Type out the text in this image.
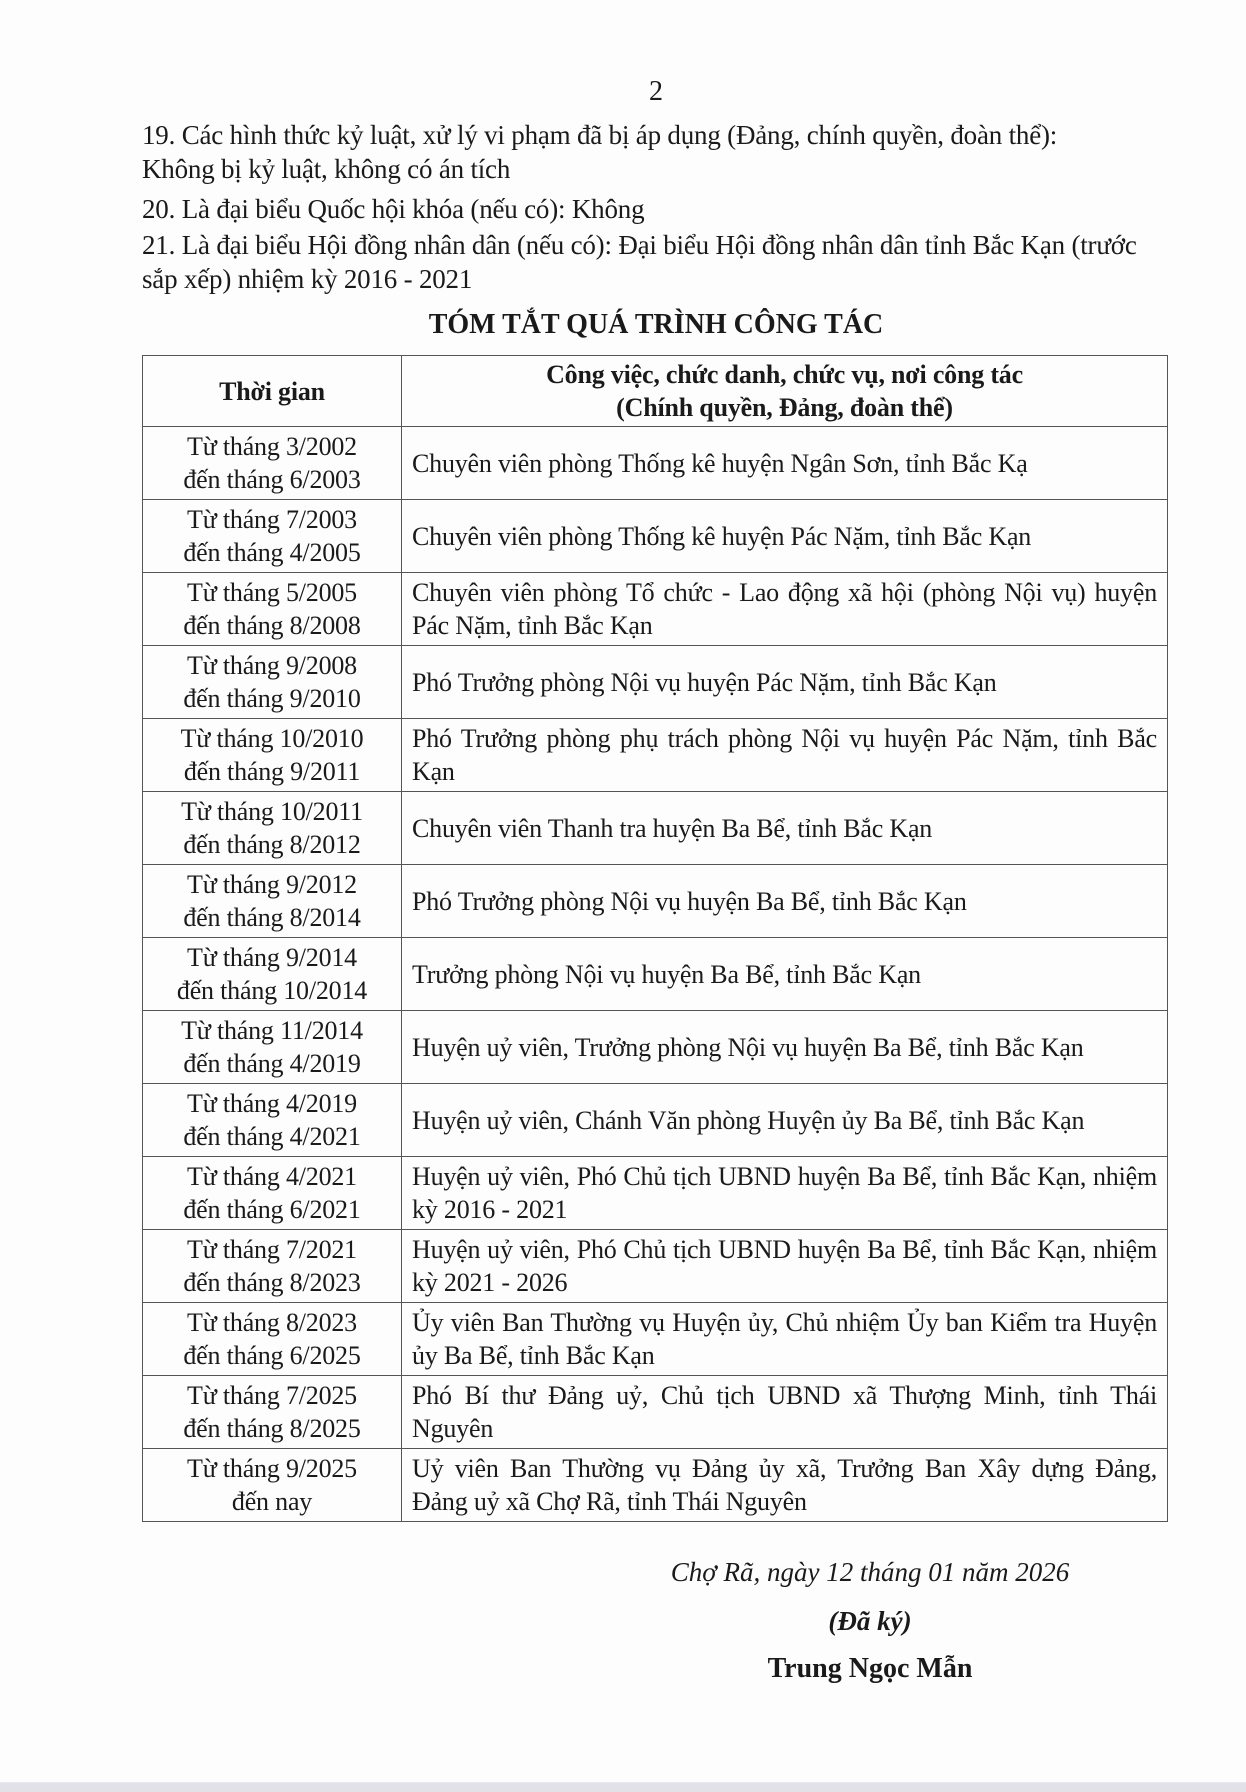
2
19. Các hình thức kỷ luật, xử lý vi phạm đã bị áp dụng (Đảng, chính quyền, đoàn thể):
Không bị kỷ luật, không có án tích
20. Là đại biểu Quốc hội khóa (nếu có): Không
21. Là đại biểu Hội đồng nhân dân (nếu có): Đại biểu Hội đồng nhân dân tỉnh Bắc Kạn (trước sắp xếp) nhiệm kỳ 2016 - 2021
TÓM TẮT QUÁ TRÌNH CÔNG TÁC
Thời gian	Công việc, chức danh, chức vụ, nơi công tác
(Chính quyền, Đảng, đoàn thể)
Từ tháng 3/2002
đến tháng 6/2003	Chuyên viên phòng Thống kê huyện Ngân Sơn, tỉnh Bắc Kạ
Từ tháng 7/2003
đến tháng 4/2005	Chuyên viên phòng Thống kê huyện Pác Nặm, tỉnh Bắc Kạn
Từ tháng 5/2005
đến tháng 8/2008	Chuyên viên phòng Tổ chức - Lao động xã hội (phòng Nội vụ) huyện Pác Nặm, tỉnh Bắc Kạn
Từ tháng 9/2008
đến tháng 9/2010	Phó Trưởng phòng Nội vụ huyện Pác Nặm, tỉnh Bắc Kạn
Từ tháng 10/2010
đến tháng 9/2011	Phó Trưởng phòng phụ trách phòng Nội vụ huyện Pác Nặm, tỉnh Bắc Kạn
Từ tháng 10/2011
đến tháng 8/2012	Chuyên viên Thanh tra huyện Ba Bể, tỉnh Bắc Kạn
Từ tháng 9/2012
đến tháng 8/2014	Phó Trưởng phòng Nội vụ huyện Ba Bể, tỉnh Bắc Kạn
Từ tháng 9/2014
đến tháng 10/2014	Trưởng phòng Nội vụ huyện Ba Bể, tỉnh Bắc Kạn
Từ tháng 11/2014
đến tháng 4/2019	Huyện uỷ viên, Trưởng phòng Nội vụ huyện Ba Bể, tỉnh Bắc Kạn
Từ tháng 4/2019
đến tháng 4/2021	Huyện uỷ viên, Chánh Văn phòng Huyện ủy Ba Bể, tỉnh Bắc Kạn
Từ tháng 4/2021
đến tháng 6/2021	Huyện uỷ viên, Phó Chủ tịch UBND huyện Ba Bể, tỉnh Bắc Kạn, nhiệm kỳ 2016 - 2021
Từ tháng 7/2021
đến tháng 8/2023	Huyện uỷ viên, Phó Chủ tịch UBND huyện Ba Bể, tỉnh Bắc Kạn, nhiệm kỳ 2021 - 2026
Từ tháng 8/2023
đến tháng 6/2025	Ủy viên Ban Thường vụ Huyện ủy, Chủ nhiệm Ủy ban Kiểm tra Huyện ủy Ba Bể, tỉnh Bắc Kạn
Từ tháng 7/2025
đến tháng 8/2025	Phó Bí thư Đảng uỷ, Chủ tịch UBND xã Thượng Minh, tỉnh Thái Nguyên
Từ tháng 9/2025
đến nay	Uỷ viên Ban Thường vụ Đảng ủy xã, Trưởng Ban Xây dựng Đảng, Đảng uỷ xã Chợ Rã, tỉnh Thái Nguyên
Chợ Rã, ngày 12 tháng 01 năm 2026
(Đã ký)
Trung Ngọc Mẫn
